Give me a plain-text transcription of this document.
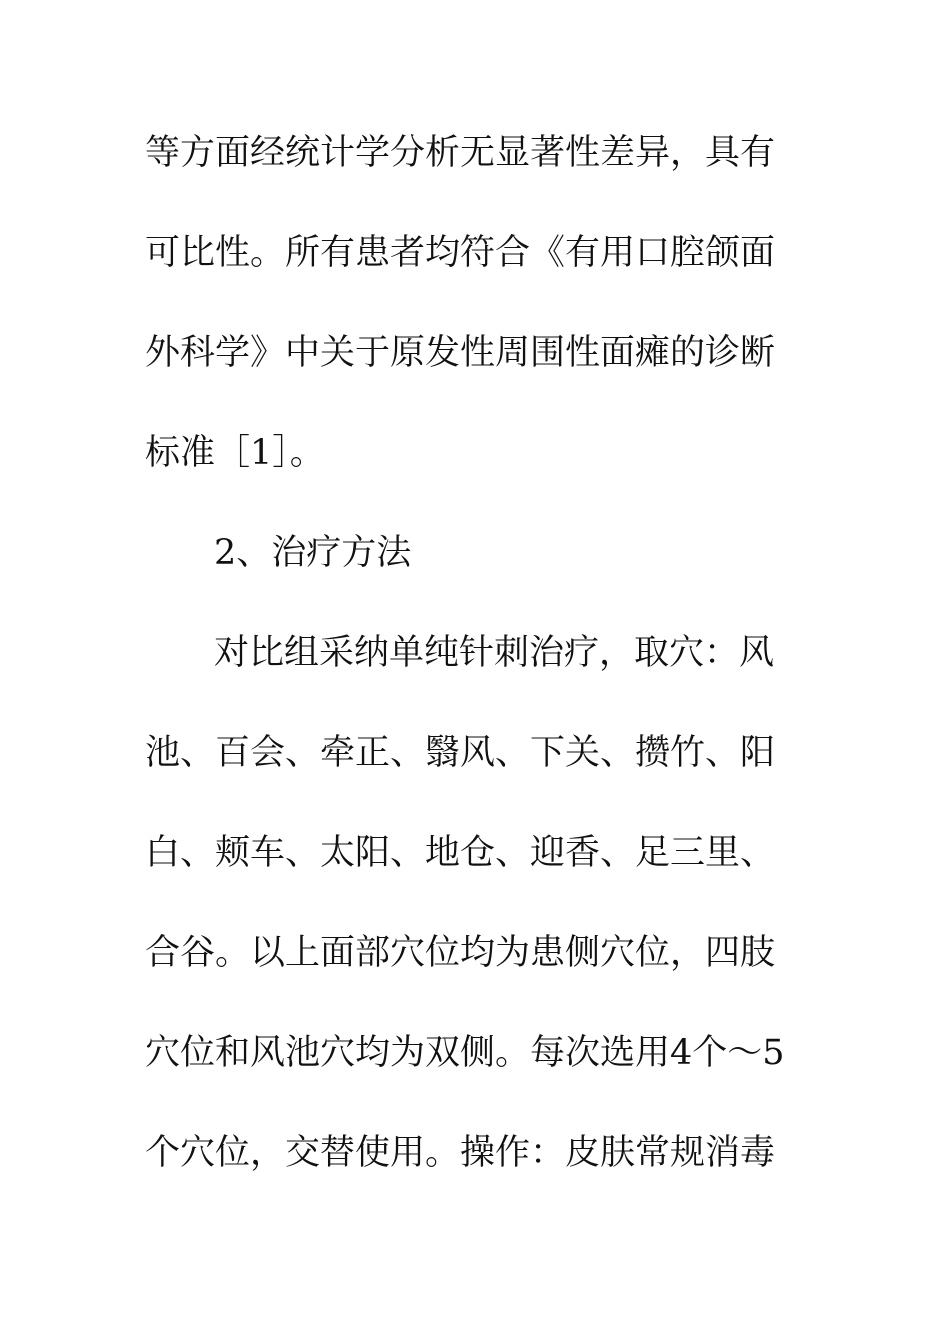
等方面经统计学分析无显著性差异，具有
可比性。所有患者均符合《有用口腔颌面
外科学》中关于原发性周围性面瘫的诊断
标准［1］。
2、治疗方法
对比组采纳单纯针刺治疗，取穴：风
池、百会、牵正、翳风、下关、攒竹、阳
白、颊车、太阳、地仓、迎香、足三里、
合谷。以上面部穴位均为患侧穴位，四肢
穴位和风池穴均为双侧。每次选用4个～5
个穴位，交替使用。操作：皮肤常规消毒
